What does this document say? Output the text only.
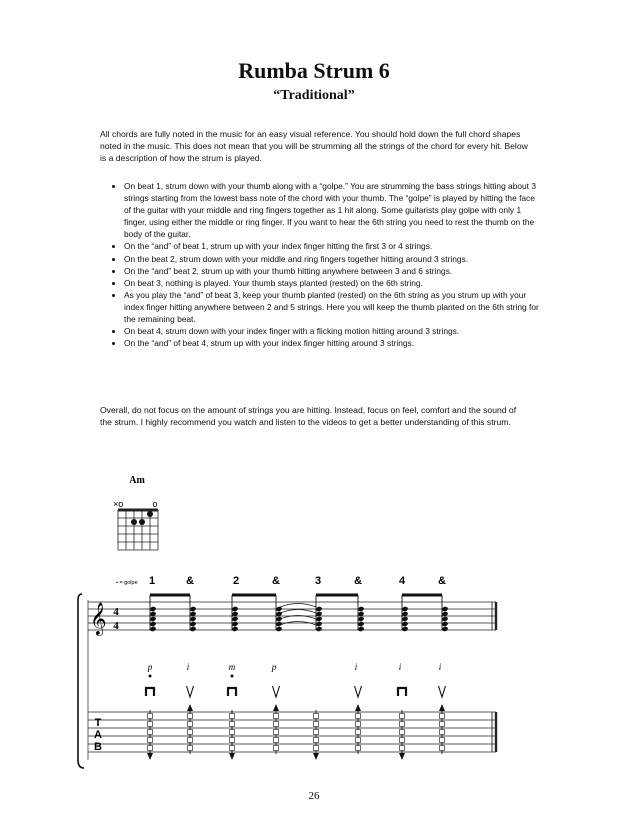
Rumba Strum 6
“Traditional”

All chords are fully noted in the music for an easy visual reference. You should hold down the full chord shapes noted in the music. This does not mean that you will be strumming all the strings of the chord for every hit. Below is a description of how the strum is played.

• On beat 1, strum down with your thumb along with a “golpe.” You are strumming the bass strings hitting about 3 strings starting from the lowest bass note of the chord with your thumb. The “golpe” is played by hitting the face of the guitar with your middle and ring fingers together as 1 hit along. Some guitarists play golpe with only 1 finger, using either the middle or ring finger. If you want to hear the 6th string you need to rest the thumb on the body of the guitar.
• On the “and” of beat 1, strum up with your index finger hitting the first 3 or 4 strings.
• On the beat 2, strum down with your middle and ring fingers together hitting around 3 strings.
• On the “and” beat 2, strum up with your thumb hitting anywhere between 3 and 6 strings.
• On beat 3, nothing is played. Your thumb stays planted (rested) on the 6th string.
• As you play the “and” of beat 3, keep your thumb planted (rested) on the 6th string as you strum up with your index finger hitting anywhere between 2 and 5 strings. Here you will keep the thumb planted on the 6th string for the remaining beat.
• On beat 4, strum down with your index finger with a flicking motion hitting around 3 strings.
• On the “and” of beat 4, strum up with your index finger hitting around 3 strings.

Overall, do not focus on the amount of strings you are hitting. Instead, focus on feel, comfort and the sound of the strum. I highly recommend you watch and listen to the videos to get a better understanding of this strum.

Am
×o	o
• = golpe 1	&	2	&	3	&	4	&
𝄞 4
4
p	i	m	p	i	i	i
T
A
B
26
